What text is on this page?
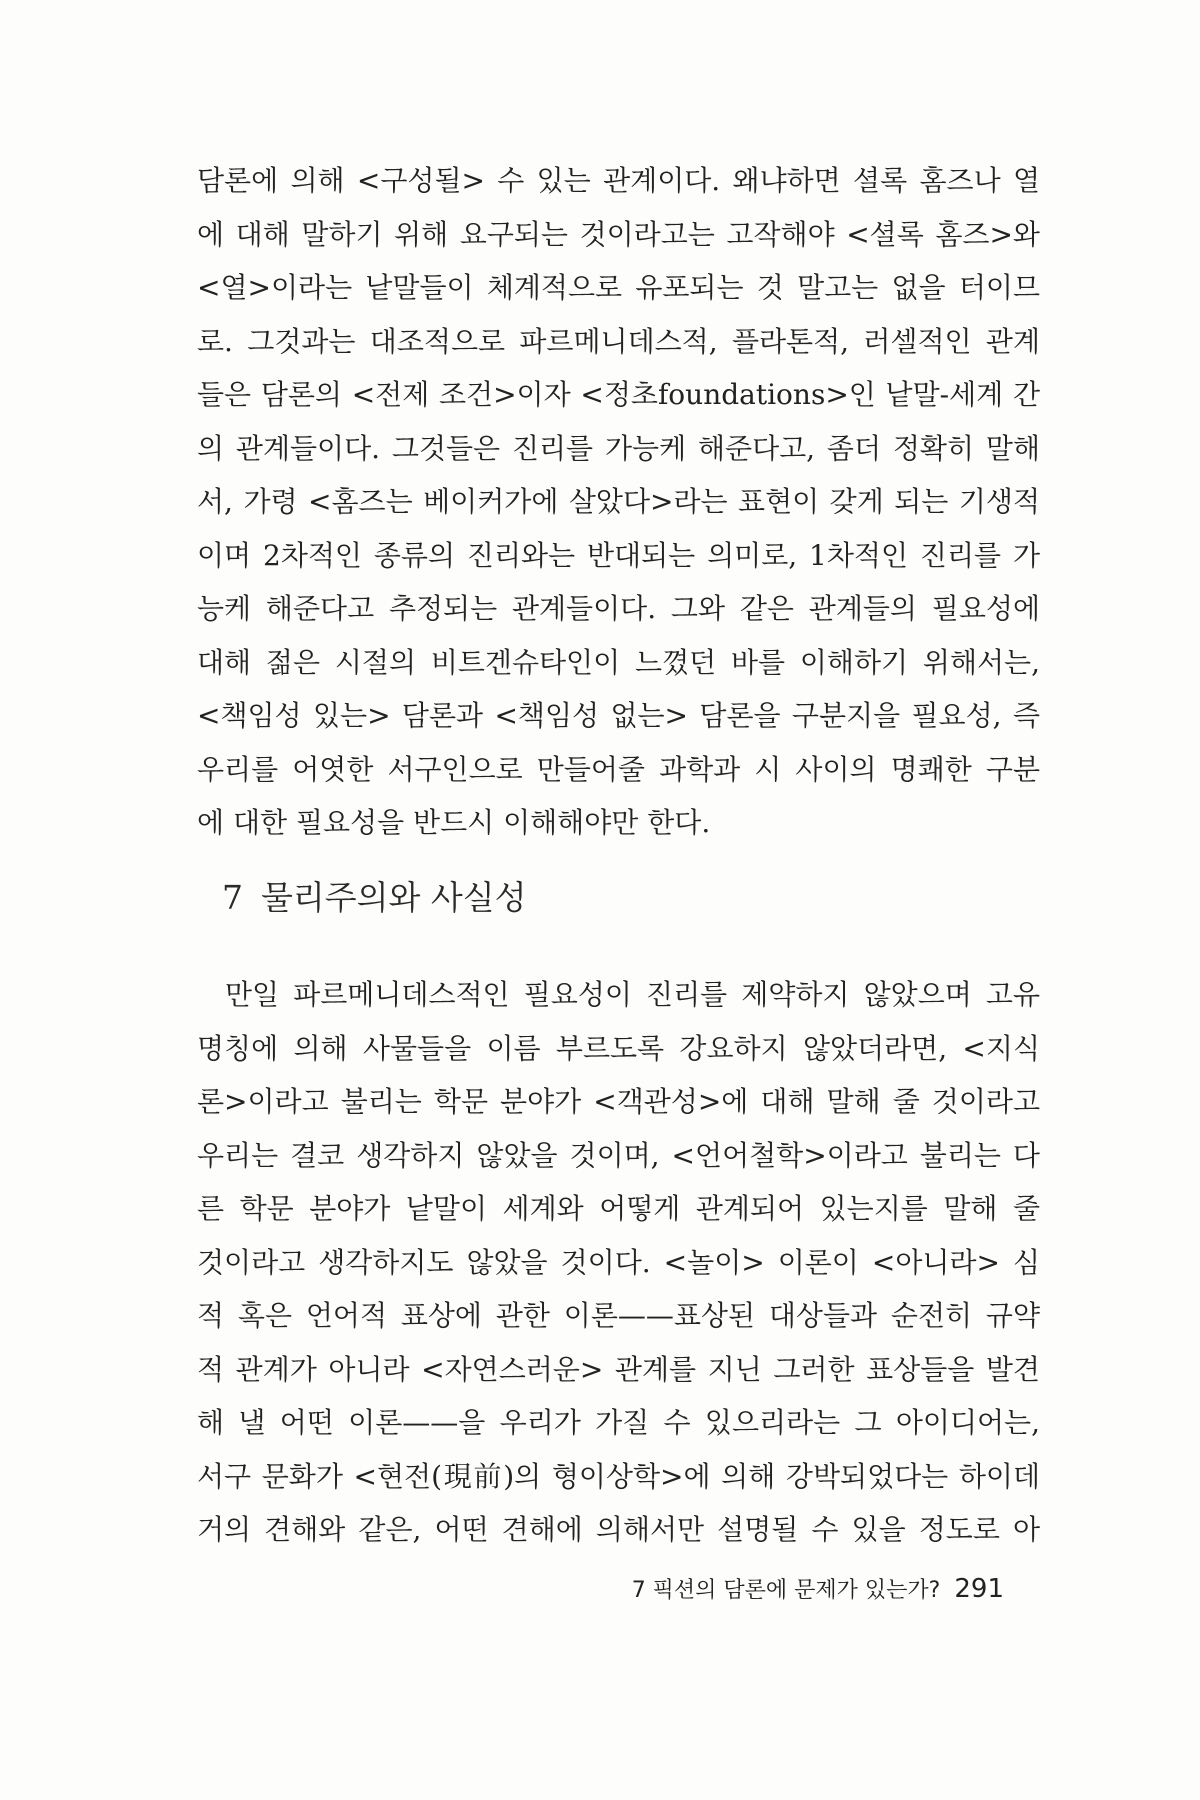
담론에 의해 <구성될> 수 있는 관계이다. 왜냐하면 셜록 홈즈나 열
에 대해 말하기 위해 요구되는 것이라고는 고작해야 <셜록 홈즈>와
<열>이라는 낱말들이 체계적으로 유포되는 것 말고는 없을 터이므
로. 그것과는 대조적으로 파르메니데스적, 플라톤적, 러셀적인 관계
들은 담론의 <전제 조건>이자 <정초foundations>인 낱말-세계 간
의 관계들이다. 그것들은 진리를 가능케 해준다고, 좀더 정확히 말해
서, 가령 <홈즈는 베이커가에 살았다>라는 표현이 갖게 되는 기생적
이며 2차적인 종류의 진리와는 반대되는 의미로, 1차적인 진리를 가
능케 해준다고 추정되는 관계들이다. 그와 같은 관계들의 필요성에
대해 젊은 시절의 비트겐슈타인이 느꼈던 바를 이해하기 위해서는,
<책임성 있는> 담론과 <책임성 없는> 담론을 구분지을 필요성, 즉
우리를 어엿한 서구인으로 만들어줄 과학과 시 사이의 명쾌한 구분
에 대한 필요성을 반드시 이해해야만 한다.
7 물리주의와 사실성
만일 파르메니데스적인 필요성이 진리를 제약하지 않았으며 고유
명칭에 의해 사물들을 이름 부르도록 강요하지 않았더라면, <지식
론>이라고 불리는 학문 분야가 <객관성>에 대해 말해 줄 것이라고
우리는 결코 생각하지 않았을 것이며, <언어철학>이라고 불리는 다
른 학문 분야가 낱말이 세계와 어떻게 관계되어 있는지를 말해 줄
것이라고 생각하지도 않았을 것이다. <놀이> 이론이 <아니라> 심
적 혹은 언어적 표상에 관한 이론——표상된 대상들과 순전히 규약
적 관계가 아니라 <자연스러운> 관계를 지닌 그러한 표상들을 발견
해 낼 어떤 이론——을 우리가 가질 수 있으리라는 그 아이디어는,
서구 문화가 <현전(現前)의 형이상학>에 의해 강박되었다는 하이데
거의 견해와 같은, 어떤 견해에 의해서만 설명될 수 있을 정도로 아
7 픽션의 담론에 문제가 있는가? 291
